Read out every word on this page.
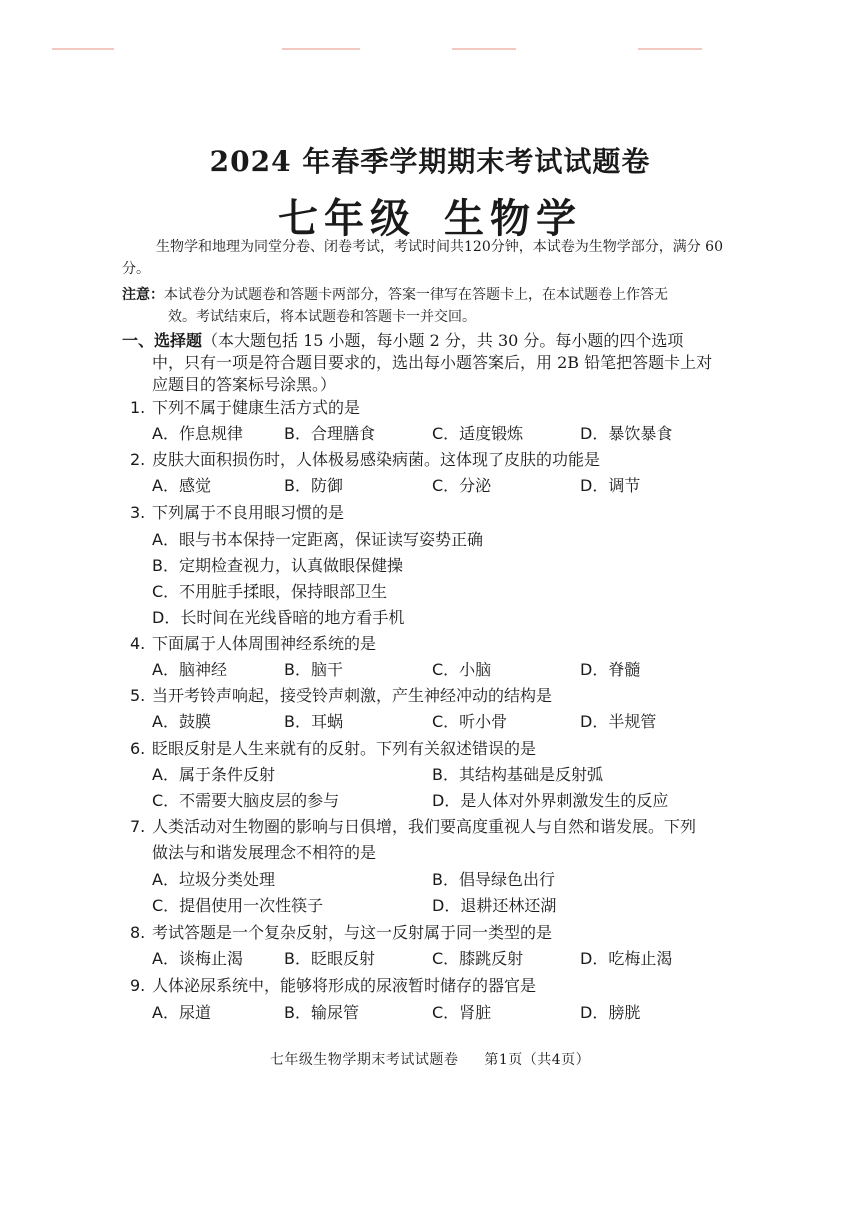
2024 年春季学期期末考试试题卷
七年级 生物学
生物学和地理为同堂分卷、闭卷考试，考试时间共120分钟，本试卷为生物学部分，满分 60 分。
注意：本试卷分为试题卷和答题卡两部分，答案一律写在答题卡上，在本试题卷上作答无
效。考试结束后，将本试题卷和答题卡一并交回。
一、选择题（本大题包括 15 小题，每小题 2 分，共 30 分。每小题的四个选项
中，只有一项是符合题目要求的，选出每小题答案后，用 2B 铅笔把答题卡上对应题目的答案标号涂黑。）
1. 下列不属于健康生活方式的是
A．作息规律	B．合理膳食	C．适度锻炼	D．暴饮暴食
2. 皮肤大面积损伤时，人体极易感染病菌。这体现了皮肤的功能是
A．感觉	B．防御	C．分泌	D．调节
3. 下列属于不良用眼习惯的是
A．眼与书本保持一定距离，保证读写姿势正确
B．定期检查视力，认真做眼保健操
C．不用脏手揉眼，保持眼部卫生
D．长时间在光线昏暗的地方看手机
4. 下面属于人体周围神经系统的是
A．脑神经	B．脑干	C．小脑	D．脊髓
5. 当开考铃声响起，接受铃声刺激，产生神经冲动的结构是
A．鼓膜	B．耳蜗	C．听小骨	D．半规管
6. 眨眼反射是人生来就有的反射。下列有关叙述错误的是
A．属于条件反射	B．其结构基础是反射弧
C．不需要大脑皮层的参与	D．是人体对外界刺激发生的反应
7. 人类活动对生物圈的影响与日俱增，我们要高度重视人与自然和谐发展。下列做法与和谐发展理念不相符的是
A．垃圾分类处理	B．倡导绿色出行
C．提倡使用一次性筷子	D．退耕还林还湖
8. 考试答题是一个复杂反射，与这一反射属于同一类型的是
A．谈梅止渴	B．眨眼反射	C．膝跳反射	D．吃梅止渴
9. 人体泌尿系统中，能够将形成的尿液暂时储存的器官是
A．尿道	B．输尿管	C．肾脏	D．膀胱
七年级生物学期末考试试题卷 第1页（共4页）
